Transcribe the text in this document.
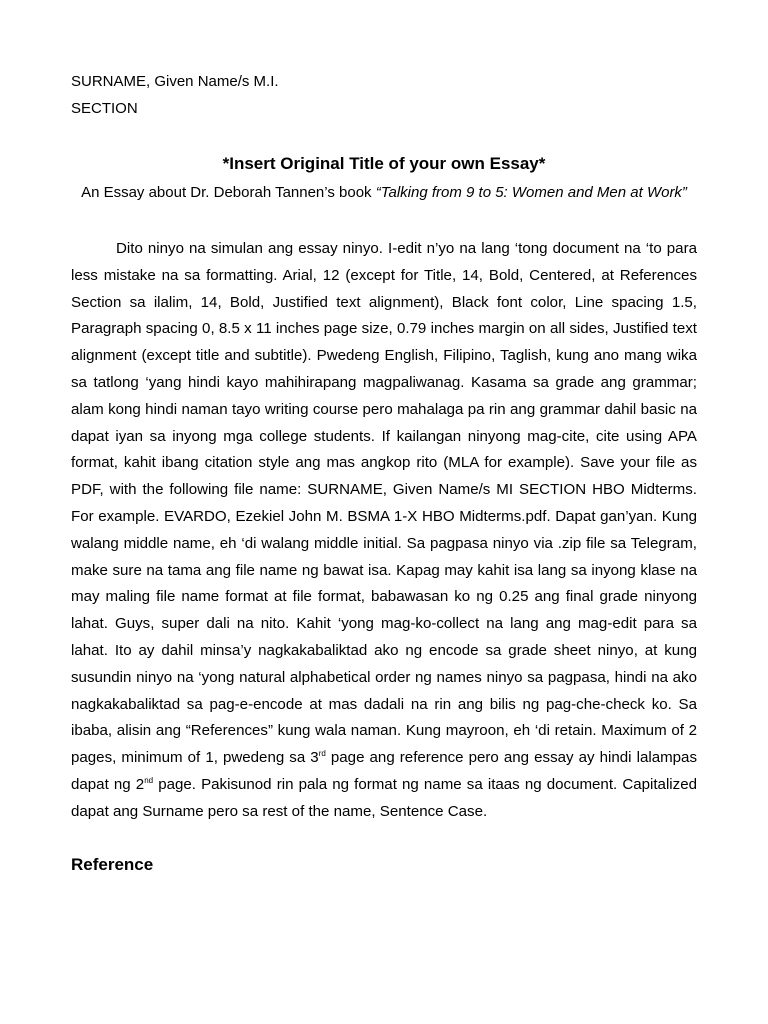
SURNAME, Given Name/s M.I.
SECTION
*Insert Original Title of your own Essay*
An Essay about Dr. Deborah Tannen’s book “Talking from 9 to 5: Women and Men at Work”

Dito ninyo na simulan ang essay ninyo. I-edit n’yo na lang ‘tong document na ‘to para less mistake na sa formatting. Arial, 12 (except for Title, 14, Bold, Centered, at References Section sa ilalim, 14, Bold, Justified text alignment), Black font color, Line spacing 1.5, Paragraph spacing 0, 8.5 x 11 inches page size, 0.79 inches margin on all sides, Justified text alignment (except title and subtitle). Pwedeng English, Filipino, Taglish, kung ano mang wika sa tatlong ‘yang hindi kayo mahihirapang magpaliwanag. Kasama sa grade ang grammar; alam kong hindi naman tayo writing course pero mahalaga pa rin ang grammar dahil basic na dapat iyan sa inyong mga college students. If kailangan ninyong mag-cite, cite using APA format, kahit ibang citation style ang mas angkop rito (MLA for example). Save your file as PDF, with the following file name: SURNAME, Given Name/s MI SECTION HBO Midterms. For example. EVARDO, Ezekiel John M. BSMA 1-X HBO Midterms.pdf. Dapat gan’yan. Kung walang middle name, eh ‘di walang middle initial. Sa pagpasa ninyo via .zip file sa Telegram, make sure na tama ang file name ng bawat isa. Kapag may kahit isa lang sa inyong klase na may maling file name format at file format, babawasan ko ng 0.25 ang final grade ninyong lahat. Guys, super dali na nito. Kahit ‘yong mag-ko-collect na lang ang mag-edit para sa lahat. Ito ay dahil minsa’y nagkakabaliktad ako ng encode sa grade sheet ninyo, at kung susundin ninyo na ‘yong natural alphabetical order ng names ninyo sa pagpasa, hindi na ako nagkakabaliktad sa pag-e-encode at mas dadali na rin ang bilis ng pag-che-check ko. Sa ibaba, alisin ang “References” kung wala naman. Kung mayroon, eh ‘di retain. Maximum of 2 pages, minimum of 1, pwedeng sa 3rd page ang reference pero ang essay ay hindi lalampas dapat ng 2nd page. Pakisunod rin pala ng format ng name sa itaas ng document. Capitalized dapat ang Surname pero sa rest of the name, Sentence Case.

Reference
